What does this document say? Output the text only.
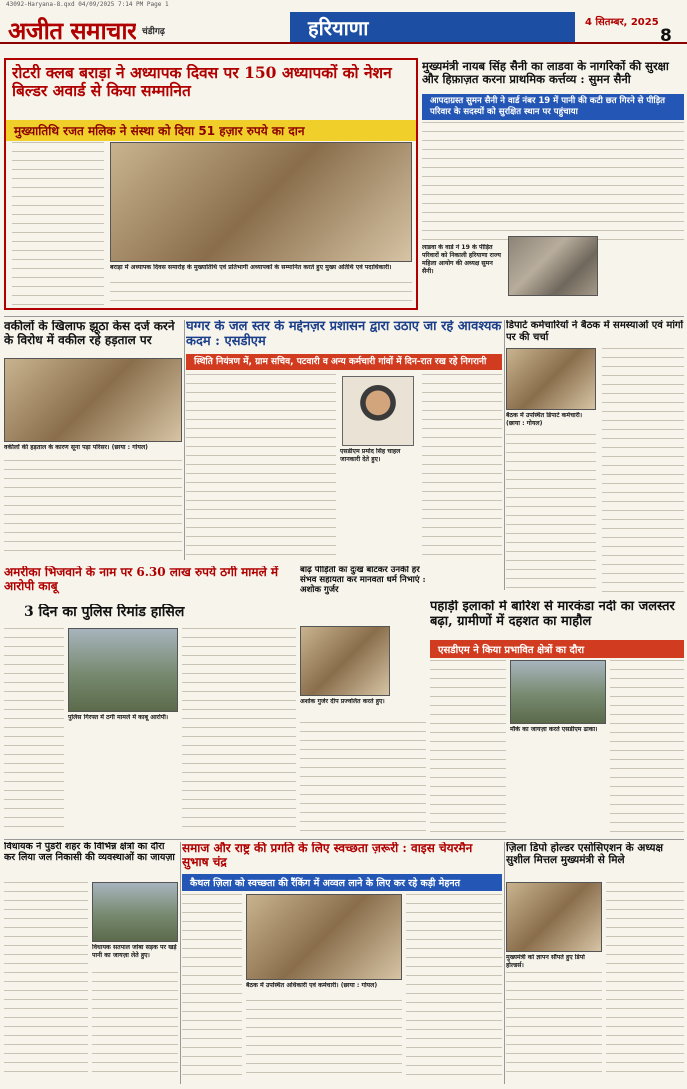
43092-Haryana-8.qxd 04/09/2025 7:14 PM Page 1
अजीत समाचार चंडीगढ़	हरियाणा	4 सितम्बर, 2025
8
रोटरी क्लब बराड़ा ने अध्यापक दिवस पर 150 अध्यापकों को नेशन बिल्डर अवार्ड से किया सम्मानित
मुख्यातिथि रजत मलिक ने संस्था को दिया 51 हज़ार रुपये का दान
बराड़ा में अध्यापक दिवस समारोह के मुख्यातिथि एवं प्रतिभागी अध्यापकों के सम्मानित करते हुए मुख्य अतिथि एवं पदाधिकारी।
मुख्यमंत्री नायब सिंह सैनी का लाडवा के नागरिकों की सुरक्षा और हिफ़ाज़त करना प्राथमिक कर्त्तव्य : सुमन सैनी
आपदाग्रस्त सुमन सैनी ने वार्ड नंबर 19 में पानी की कटी छत गिरने से पीड़ित परिवार के सदस्यों को सुरक्षित स्थान पर पहुंचाया
लाडवा के वार्ड नं 19 के पीड़ित परिवारों को निकाली हरियाणा राज्य महिला आयोग की अध्यक्ष सुमन सैनी।
वकीलों के खिलाफ झूठा केस दर्ज करने के विरोध में वकील रहे हड़ताल पर
वकीलों की हड़ताल के कारण सूना पड़ा परिसर। (छाया : गोयल)
घग्गर के जल स्तर के मद्देनज़र प्रशासन द्वारा उठाए जा रहे आवश्यक कदम : एसडीएम
स्थिति नियंत्रण में, ग्राम सचिव, पटवारी व अन्य कर्मचारी गांवों में दिन-रात रख रहे निगरानी
एसडीएम प्रमोद सिंह चाहल जानकारी देते हुए।
डिपार्ट कर्मचारियों ने बैठक में समस्याओं एवं मांगों पर की चर्चा
बैठक में उपस्थित डिपार्ट कर्मचारी। (छाया : गोयल)
अमरीका भिजवाने के नाम पर 6.30 लाख रुपये ठगी मामले में आरोपी काबू
3 दिन का पुलिस रिमांड हासिल
पुलिस गिरफ्त में ठगी मामले में काबू आरोपी।
बाढ़ पीड़ितों का दुःख बांटकर उनकी हर संभव सहायता कर मानवता धर्म निभाएं : अशोक गुर्जर
अशोक गुर्जर दीप प्रज्वलित करते हुए।
पहाड़ी इलाकों में बारिश से मारकंडा नदी का जलस्तर बढ़ा, ग्रामीणों में दहशत का माहौल
एसडीएम ने किया प्रभावित क्षेत्रों का दौरा
मौके का जायज़ा करते एसडीएम ढाका।
विधायक ने पुंडरी शहर के विभिन्न क्षेत्रों का दौरा कर लिया जल निकासी की व्यवस्थाओं का जायज़ा
विधायक सतपाल जांबा सड़क पर खड़े पानी का जायज़ा लेते हुए।
समाज और राष्ट्र की प्रगति के लिए स्वच्छता ज़रूरी : वाइस चेयरमैन सुभाष चंद्र
कैथल ज़िला को स्वच्छता की रैंकिंग में अव्वल लाने के लिए कर रहे कड़ी मेहनत
बैठक में उपस्थित अधिकारी एवं कर्मचारी। (छाया : गोयल)
ज़िला डिपो होल्डर एसोसिएशन के अध्यक्ष सुशील मित्तल मुख्यमंत्री से मिले
मुख्यमंत्री को ज्ञापन सौंपते हुए डिपो होल्डर्स।
